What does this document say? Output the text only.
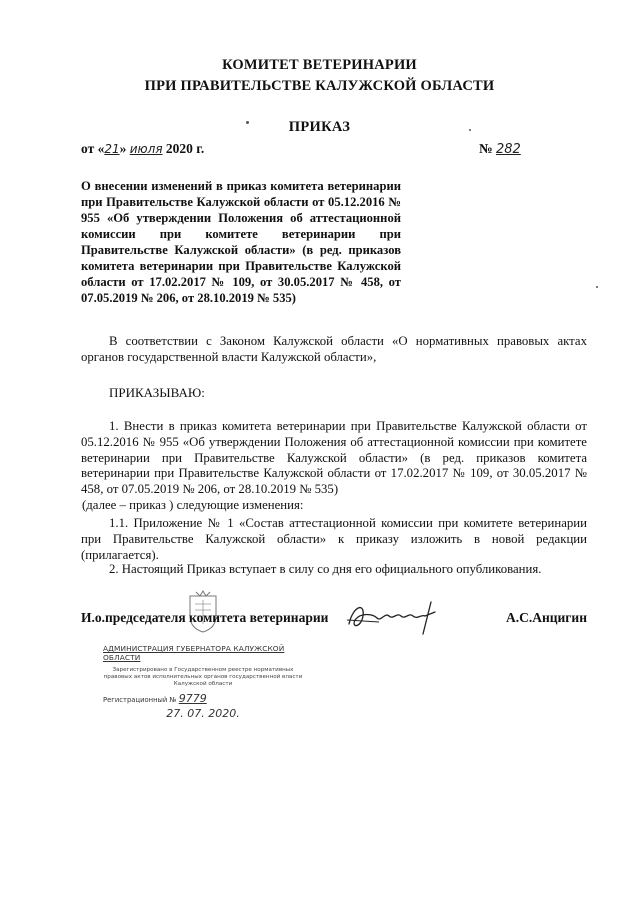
КОМИТЕТ ВЕТЕРИНАРИИ
ПРИ ПРАВИТЕЛЬСТВЕ КАЛУЖСКОЙ ОБЛАСТИ
ПРИКАЗ
от «21» июля 2020 г.	№ 282
О внесении изменений в приказ комитета ветеринарии при Правительстве Калужской области от 05.12.2016 № 955 «Об утверждении Положения об аттестационной комиссии при комитете ветеринарии при Правительстве Калужской области» (в ред. приказов комитета ветеринарии при Правительстве Калужской области от 17.02.2017 № 109, от 30.05.2017 № 458, от 07.05.2019 № 206, от 28.10.2019 № 535)
В соответствии с Законом Калужской области «О нормативных правовых актах органов государственной власти Калужской области»,
ПРИКАЗЫВАЮ:
1. Внести в приказ комитета ветеринарии при Правительстве Калужской области от 05.12.2016 № 955 «Об утверждении Положения об аттестационной комиссии при комитете ветеринарии при Правительстве Калужской области» (в ред. приказов комитета ветеринарии при Правительстве Калужской области от 17.02.2017 № 109, от 30.05.2017 № 458, от 07.05.2019 № 206, от 28.10.2019 № 535)
(далее – приказ ) следующие изменения:
1.1. Приложение № 1 «Состав аттестационной комиссии при комитете ветеринарии при Правительстве Калужской области» к приказу изложить в новой редакции (прилагается).
2. Настоящий Приказ вступает в силу со дня его официального опубликования.
И.о.председателя комитета ветеринарии	А.С.Анцигин
АДМИНИСТРАЦИЯ ГУБЕРНАТОРА КАЛУЖСКОЙ ОБЛАСТИ
Зарегистрировано в Государственном реестре нормативных правовых актов исполнительных органов государственной власти Калужской области
Регистрационный № 9779
27. 07. 2020.
